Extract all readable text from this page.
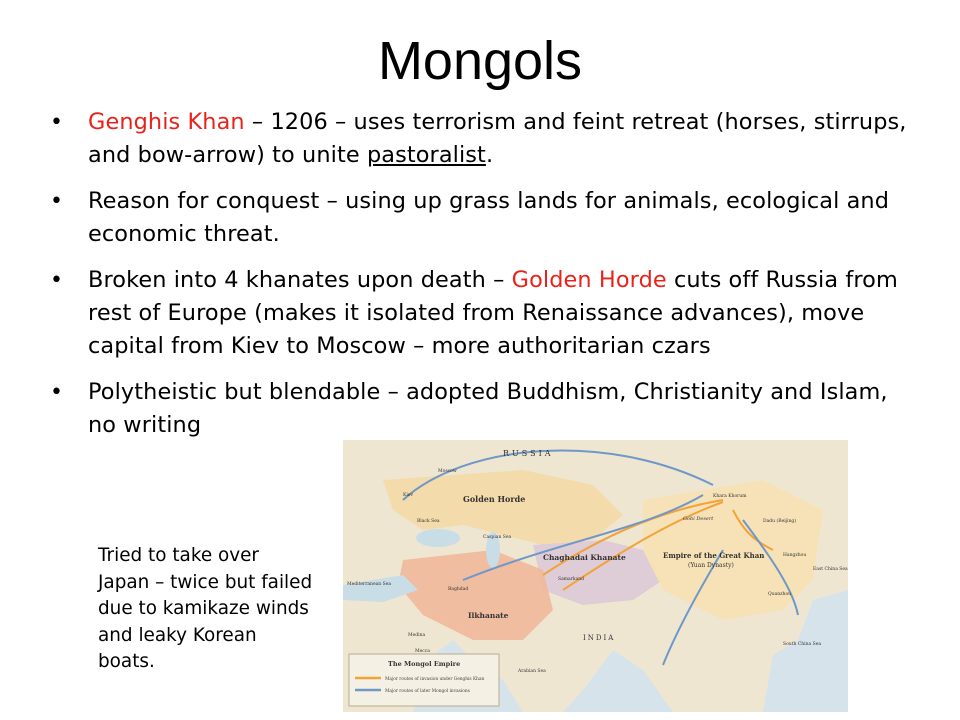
Mongols
• Genghis Khan – 1206 – uses terrorism and feint retreat (horses, stirrups, and bow-arrow) to unite pastoralist.
• Reason for conquest – using up grass lands for animals, ecological and economic threat.
• Broken into 4 khanates upon death – Golden Horde cuts off Russia from rest of Europe (makes it isolated from Renaissance advances), move capital from Kiev to Moscow – more authoritarian czars
• Polytheistic but blendable – adopted Buddhism, Christianity and Islam, no writing
Tried to take over Japan – twice but failed due to kamikaze winds and leaky Korean boats.
RUSSIA
Golden Horde
Chaghadai Khanate
Ilkhanate
Empire of the Great Khan
(Yuan Dynasty)
INDIA
Black Sea
Caspian Sea
Mediterranean Sea
Arabian Sea
East China Sea
South China Sea
Khara Khorum
Dadu (Beijing)
Samarkand
Baghdad
Kiev
Moscow
Medina
Mecca
Hangzhou
Quanzhou
Gobi Desert
The Mongol Empire
Major routes of invasion under Genghis Khan
Major routes of later Mongol invasions
